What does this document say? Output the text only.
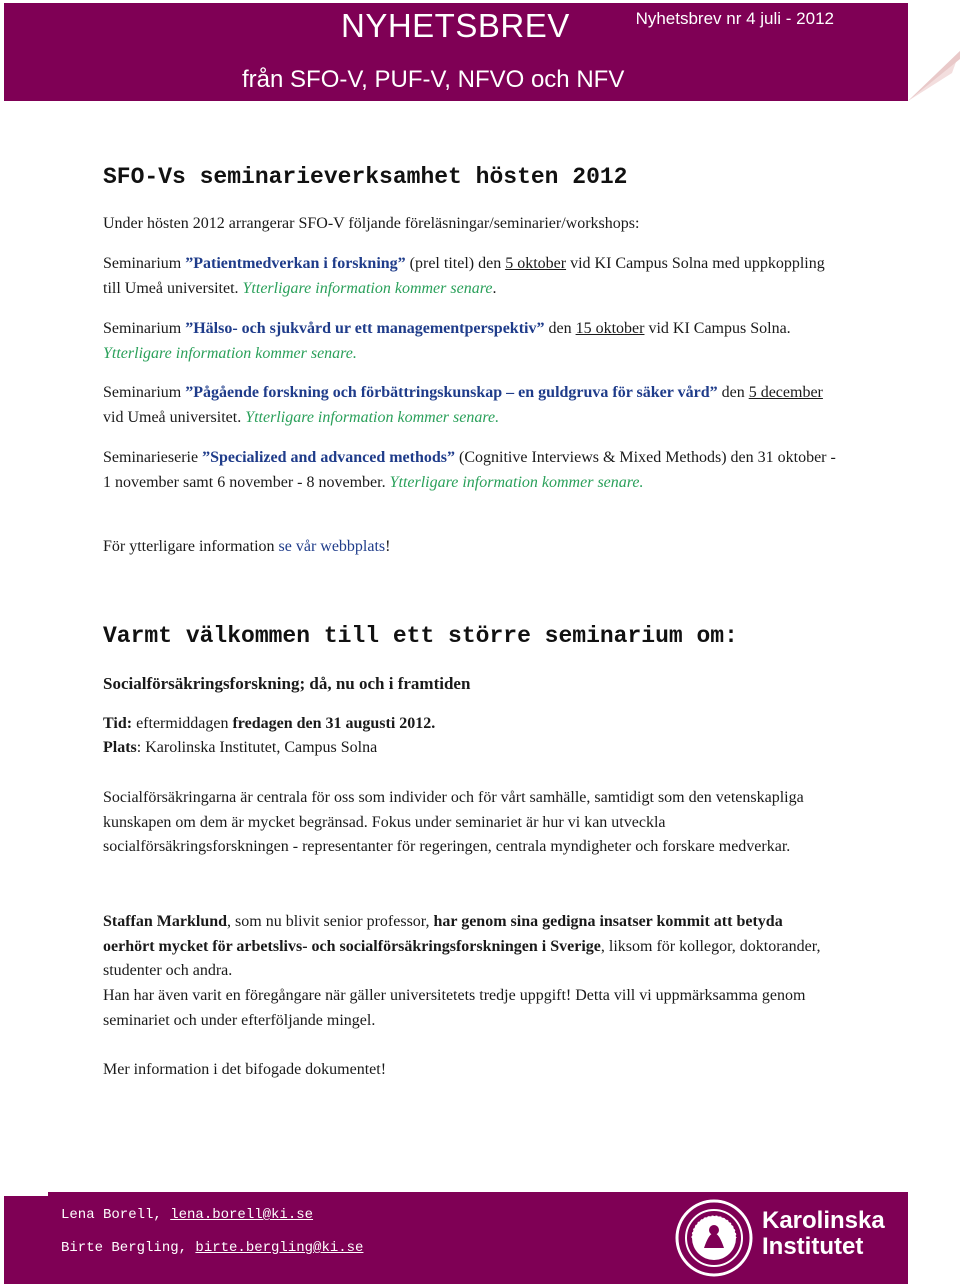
NYHETSBREV	Nyhetsbrev nr 4 juli - 2012
från SFO-V, PUF-V, NFVO och NFV
SFO-Vs seminarieverksamhet hösten 2012

Under hösten 2012 arrangerar SFO-V följande föreläsningar/seminarier/workshops:

Seminarium ”Patientmedverkan i forskning” (prel titel) den 5 oktober vid KI Campus Solna med uppkoppling till Umeå universitet. Ytterligare information kommer senare.

Seminarium ”Hälso- och sjukvård ur ett managementperspektiv” den 15 oktober vid KI Campus Solna. Ytterligare information kommer senare.

Seminarium ”Pågående forskning och förbättringskunskap – en guldgruva för säker vård” den 5 december vid Umeå universitet. Ytterligare information kommer senare.

Seminarieserie ”Specialized and advanced methods” (Cognitive Interviews & Mixed Methods) den 31 oktober - 1 november samt 6 november - 8 november. Ytterligare information kommer senare.

För ytterligare information se vår webbplats!

Varmt välkommen till ett större seminarium om:

Socialförsäkringsforskning; då, nu och i framtiden

Tid: eftermiddagen fredagen den 31 augusti 2012.

Plats: Karolinska Institutet, Campus Solna

Socialförsäkringarna är centrala för oss som individer och för vårt samhälle, samtidigt som den vetenskapliga kunskapen om dem är mycket begränsad. Fokus under seminariet är hur vi kan utveckla socialförsäkringsforskningen - representanter för regeringen, centrala myndigheter och forskare medverkar.

Staffan Marklund, som nu blivit senior professor, har genom sina gedigna insatser kommit att betyda oerhört mycket för arbetslivs- och socialförsäkringsforskningen i Sverige, liksom för kollegor, doktorander, studenter och andra.

Han har även varit en föregångare när gäller universitetets tredje uppgift! Detta vill vi uppmärksamma genom seminariet och under efterföljande mingel.

Mer information i det bifogade dokumentet!

Lena Borell, lena.borell@ki.se
Birte Bergling, birte.bergling@ki.se
Karolinska
Institutet
